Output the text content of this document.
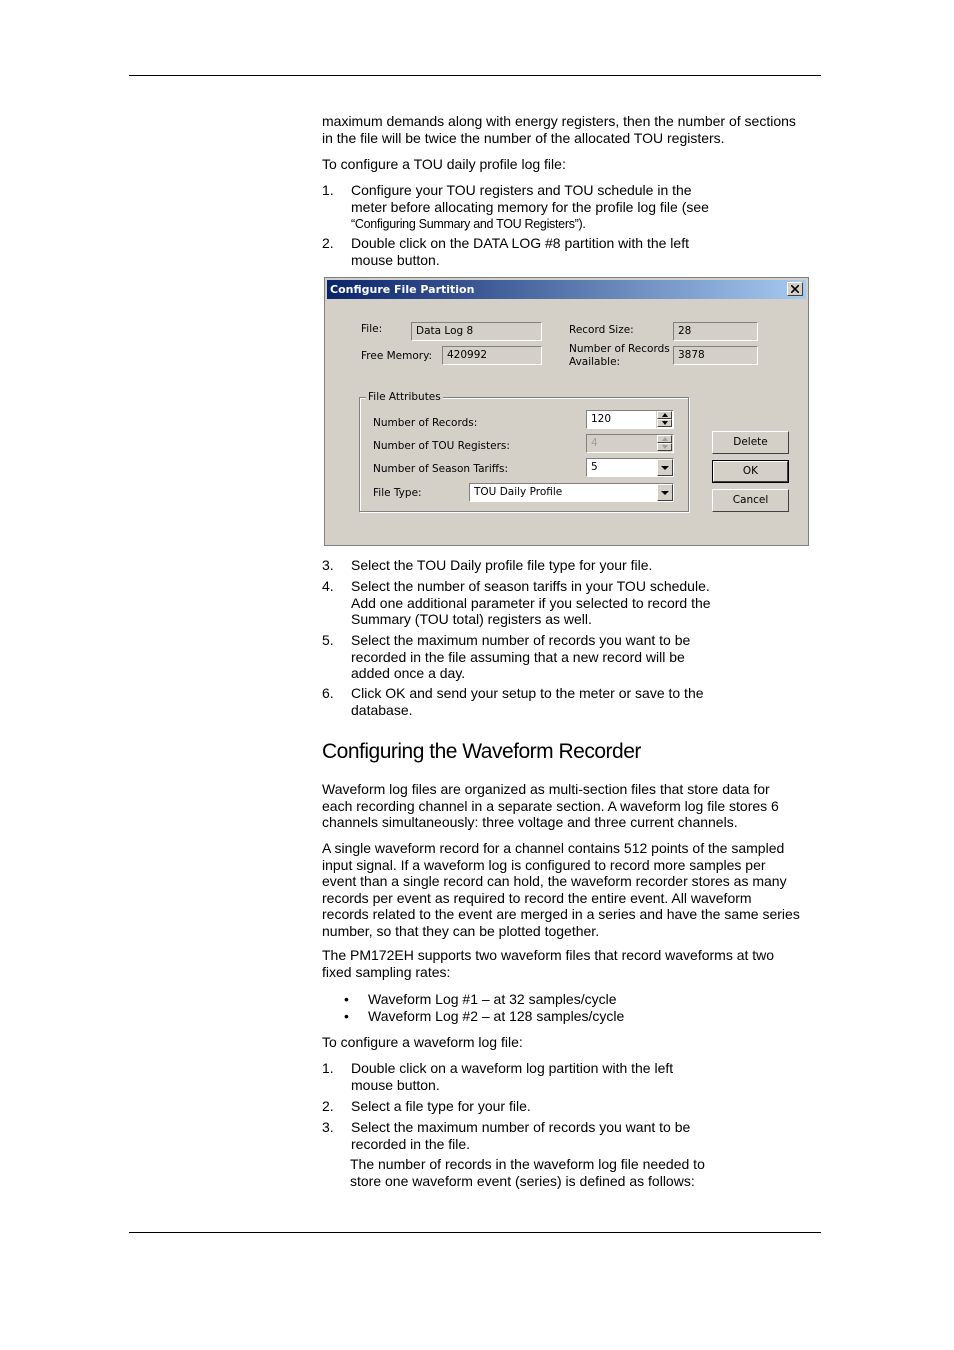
maximum demands along with energy registers, then the number of sections
in the file will be twice the number of the allocated TOU registers.

To configure a TOU daily profile log file:

1. Configure your TOU registers and TOU schedule in the
meter before allocating memory for the profile log file (see
“Configuring Summary and TOU Registers”).
2. Double click on the DATA LOG #8 partition with the left
mouse button.
Configure File Partition
File:	Data Log 8
Free Memory:	420992
Record Size:	28
Number of Records
Available:
3878
File Attributes
Number of Records:	120
Number of TOU Registers:	4
Number of Season Tariffs:	5
File Type:	TOU Daily Profile
Delete
OK
Cancel
3. Select the TOU Daily profile file type for your file.
4. Select the number of season tariffs in your TOU schedule.
Add one additional parameter if you selected to record the
Summary (TOU total) registers as well.
5. Select the maximum number of records you want to be
recorded in the file assuming that a new record will be
added once a day.
6. Click OK and send your setup to the meter or save to the
database.
Configuring the Waveform Recorder

Waveform log files are organized as multi-section files that store data for
each recording channel in a separate section. A waveform log file stores 6
channels simultaneously: three voltage and three current channels.

A single waveform record for a channel contains 512 points of the sampled
input signal. If a waveform log is configured to record more samples per
event than a single record can hold, the waveform recorder stores as many
records per event as required to record the entire event. All waveform
records related to the event are merged in a series and have the same series
number, so that they can be plotted together.

The PM172EH supports two waveform files that record waveforms at two
fixed sampling rates:

• Waveform Log #1 – at 32 samples/cycle
• Waveform Log #2 – at 128 samples/cycle

To configure a waveform log file:

1. Double click on a waveform log partition with the left
mouse button.
2. Select a file type for your file.
3. Select the maximum number of records you want to be
recorded in the file.

The number of records in the waveform log file needed to
store one waveform event (series) is defined as follows:
